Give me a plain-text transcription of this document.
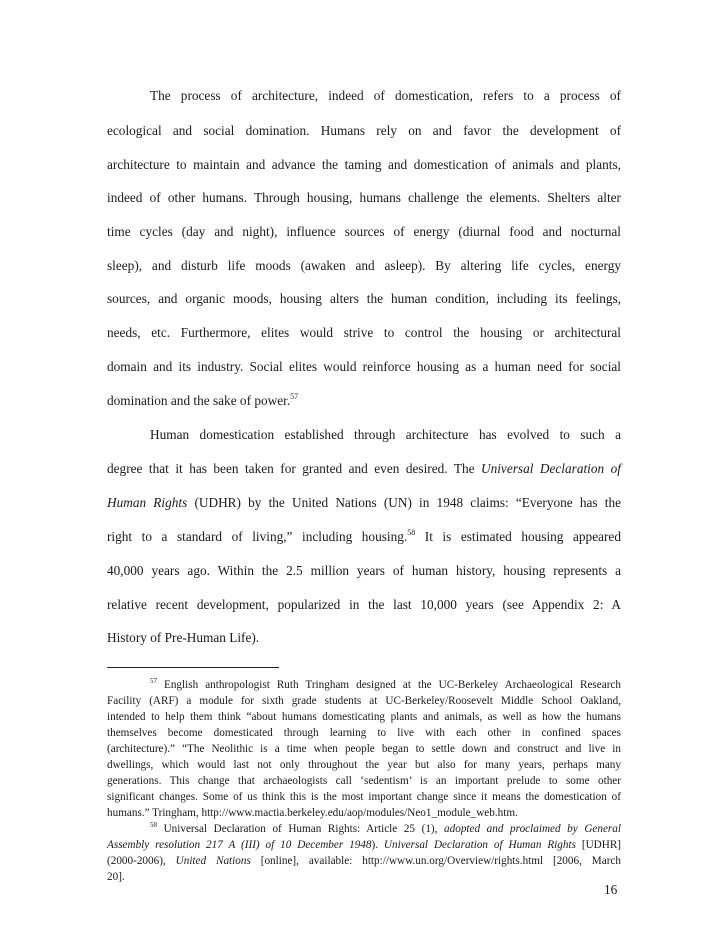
The process of architecture, indeed of domestication, refers to a process of
ecological and social domination. Humans rely on and favor the development of
architecture to maintain and advance the taming and domestication of animals and plants,
indeed of other humans. Through housing, humans challenge the elements. Shelters alter
time cycles (day and night), influence sources of energy (diurnal food and nocturnal
sleep), and disturb life moods (awaken and asleep). By altering life cycles, energy
sources, and organic moods, housing alters the human condition, including its feelings,
needs, etc. Furthermore, elites would strive to control the housing or architectural
domain and its industry. Social elites would reinforce housing as a human need for social
domination and the sake of power.$^{57}$
Human domestication established through architecture has evolved to such a
degree that it has been taken for granted and even desired. The Universal Declaration of
Human Rights (UDHR) by the United Nations (UN) in 1948 claims: “Everyone has the
right to a standard of living,” including housing.$^{58}$ It is estimated housing appeared
40,000 years ago. Within the 2.5 million years of human history, housing represents a
relative recent development, popularized in the last 10,000 years (see Appendix 2: A
History of Pre-Human Life).
$^{57}$ English anthropologist Ruth Tringham designed at the UC-Berkeley Archaeological Research
Facility (ARF) a module for sixth grade students at UC-Berkeley/Roosevelt Middle School Oakland,
intended to help them think “about humans domesticating plants and animals, as well as how the humans
themselves become domesticated through learning to live with each other in confined spaces
(architecture).” “The Neolithic is a time when people began to settle down and construct and live in
dwellings, which would last not only throughout the year but also for many years, perhaps many
generations. This change that archaeologists call ‘sedentism’ is an important prelude to some other
significant changes. Some of us think this is the most important change since it means the domestication of
humans.” Tringham, http://www.mactia.berkeley.edu/aop/modules/Neo1_module_web.htm.
$^{58}$ Universal Declaration of Human Rights: Article 25 (1), adopted and proclaimed by General
Assembly resolution 217 A (III) of 10 December 1948). Universal Declaration of Human Rights [UDHR]
(2000-2006), United Nations [online], available: http://www.un.org/Overview/rights.html [2006, March
20].
16
